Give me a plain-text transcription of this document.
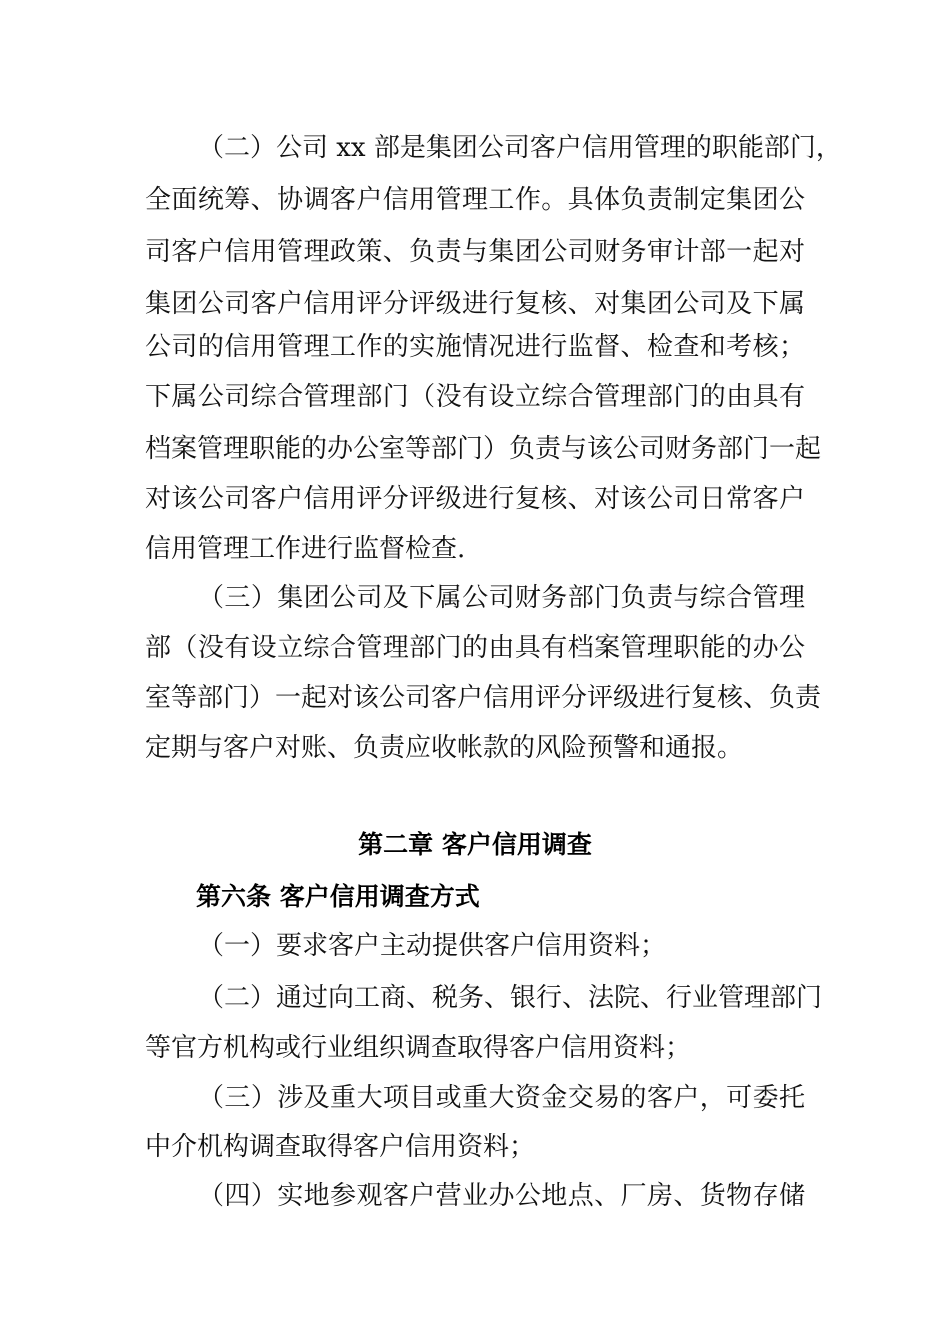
（二）公司 xx 部是集团公司客户信用管理的职能部门，
全面统筹、协调客户信用管理工作。具体负责制定集团公
司客户信用管理政策、负责与集团公司财务审计部一起对
集团公司客户信用评分评级进行复核、对集团公司及下属
公司的信用管理工作的实施情况进行监督、检查和考核；
下属公司综合管理部门（没有设立综合管理部门的由具有
档案管理职能的办公室等部门）负责与该公司财务部门一起
对该公司客户信用评分评级进行复核、对该公司日常客户
信用管理工作进行监督检查.
（三）集团公司及下属公司财务部门负责与综合管理
部（没有设立综合管理部门的由具有档案管理职能的办公
室等部门）一起对该公司客户信用评分评级进行复核、负责
定期与客户对账、负责应收帐款的风险预警和通报。
第二章 客户信用调查
第六条 客户信用调查方式
（一）要求客户主动提供客户信用资料；
（二）通过向工商、税务、银行、法院、行业管理部门
等官方机构或行业组织调查取得客户信用资料；
（三）涉及重大项目或重大资金交易的客户，可委托
中介机构调查取得客户信用资料；
（四）实地参观客户营业办公地点、厂房、货物存储
